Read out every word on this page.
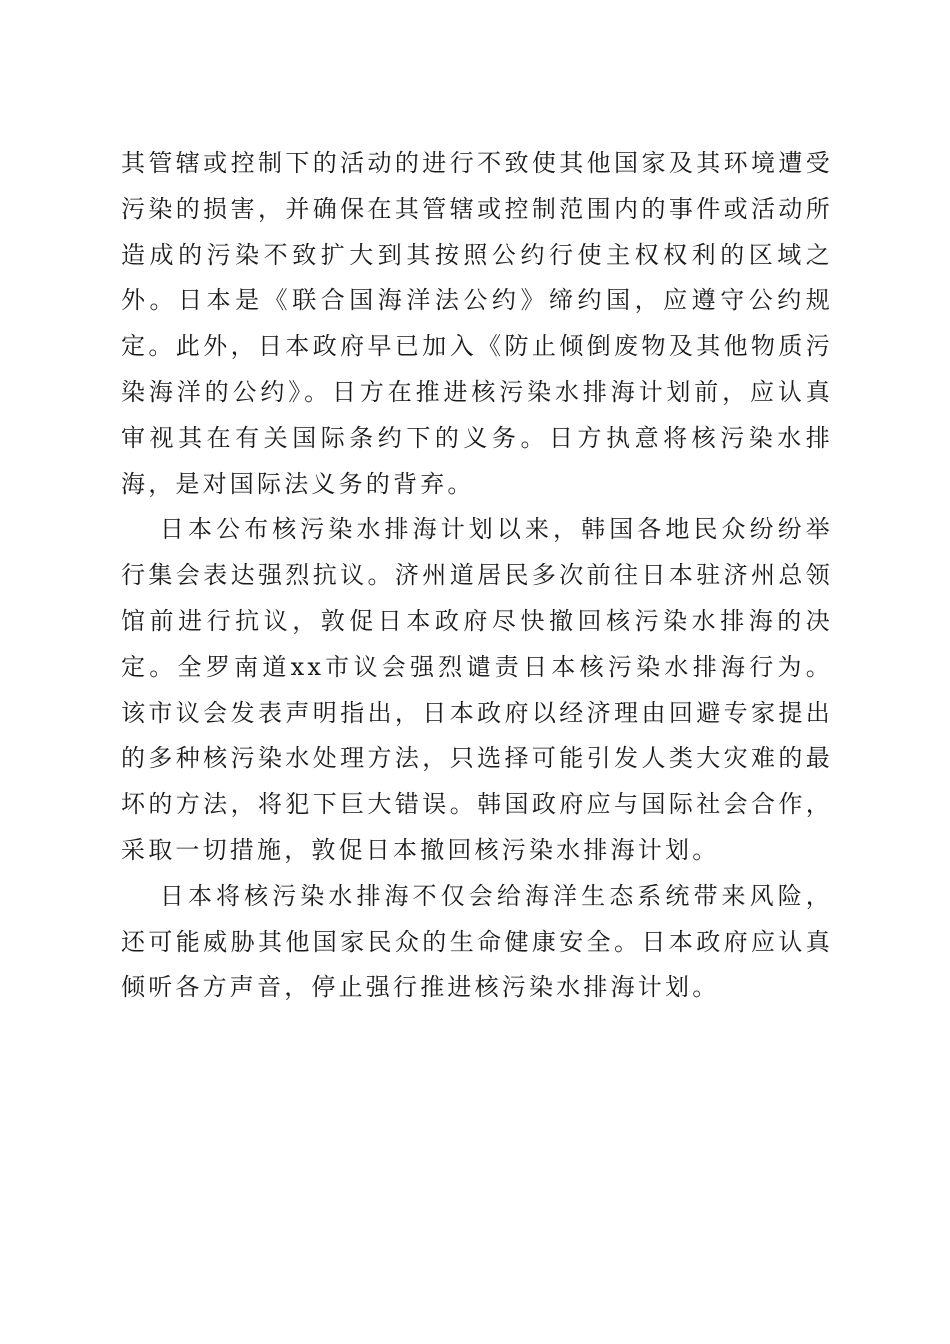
其管辖或控制下的活动的进行不致使其他国家及其环境遭受污染的损害，并确保在其管辖或控制范围内的事件或活动所造成的污染不致扩大到其按照公约行使主权权利的区域之外。日本是《联合国海洋法公约》缔约国，应遵守公约规定。此外，日本政府早已加入《防止倾倒废物及其他物质污染海洋的公约》。日方在推进核污染水排海计划前，应认真审视其在有关国际条约下的义务。日方执意将核污染水排海，是对国际法义务的背弃。

日本公布核污染水排海计划以来，韩国各地民众纷纷举行集会表达强烈抗议。济州道居民多次前往日本驻济州总领馆前进行抗议，敦促日本政府尽快撤回核污染水排海的决定。全罗南道xx市议会强烈谴责日本核污染水排海行为。该市议会发表声明指出，日本政府以经济理由回避专家提出的多种核污染水处理方法，只选择可能引发人类大灾难的最坏的方法，将犯下巨大错误。韩国政府应与国际社会合作，采取一切措施，敦促日本撤回核污染水排海计划。

日本将核污染水排海不仅会给海洋生态系统带来风险，还可能威胁其他国家民众的生命健康安全。日本政府应认真倾听各方声音，停止强行推进核污染水排海计划。
